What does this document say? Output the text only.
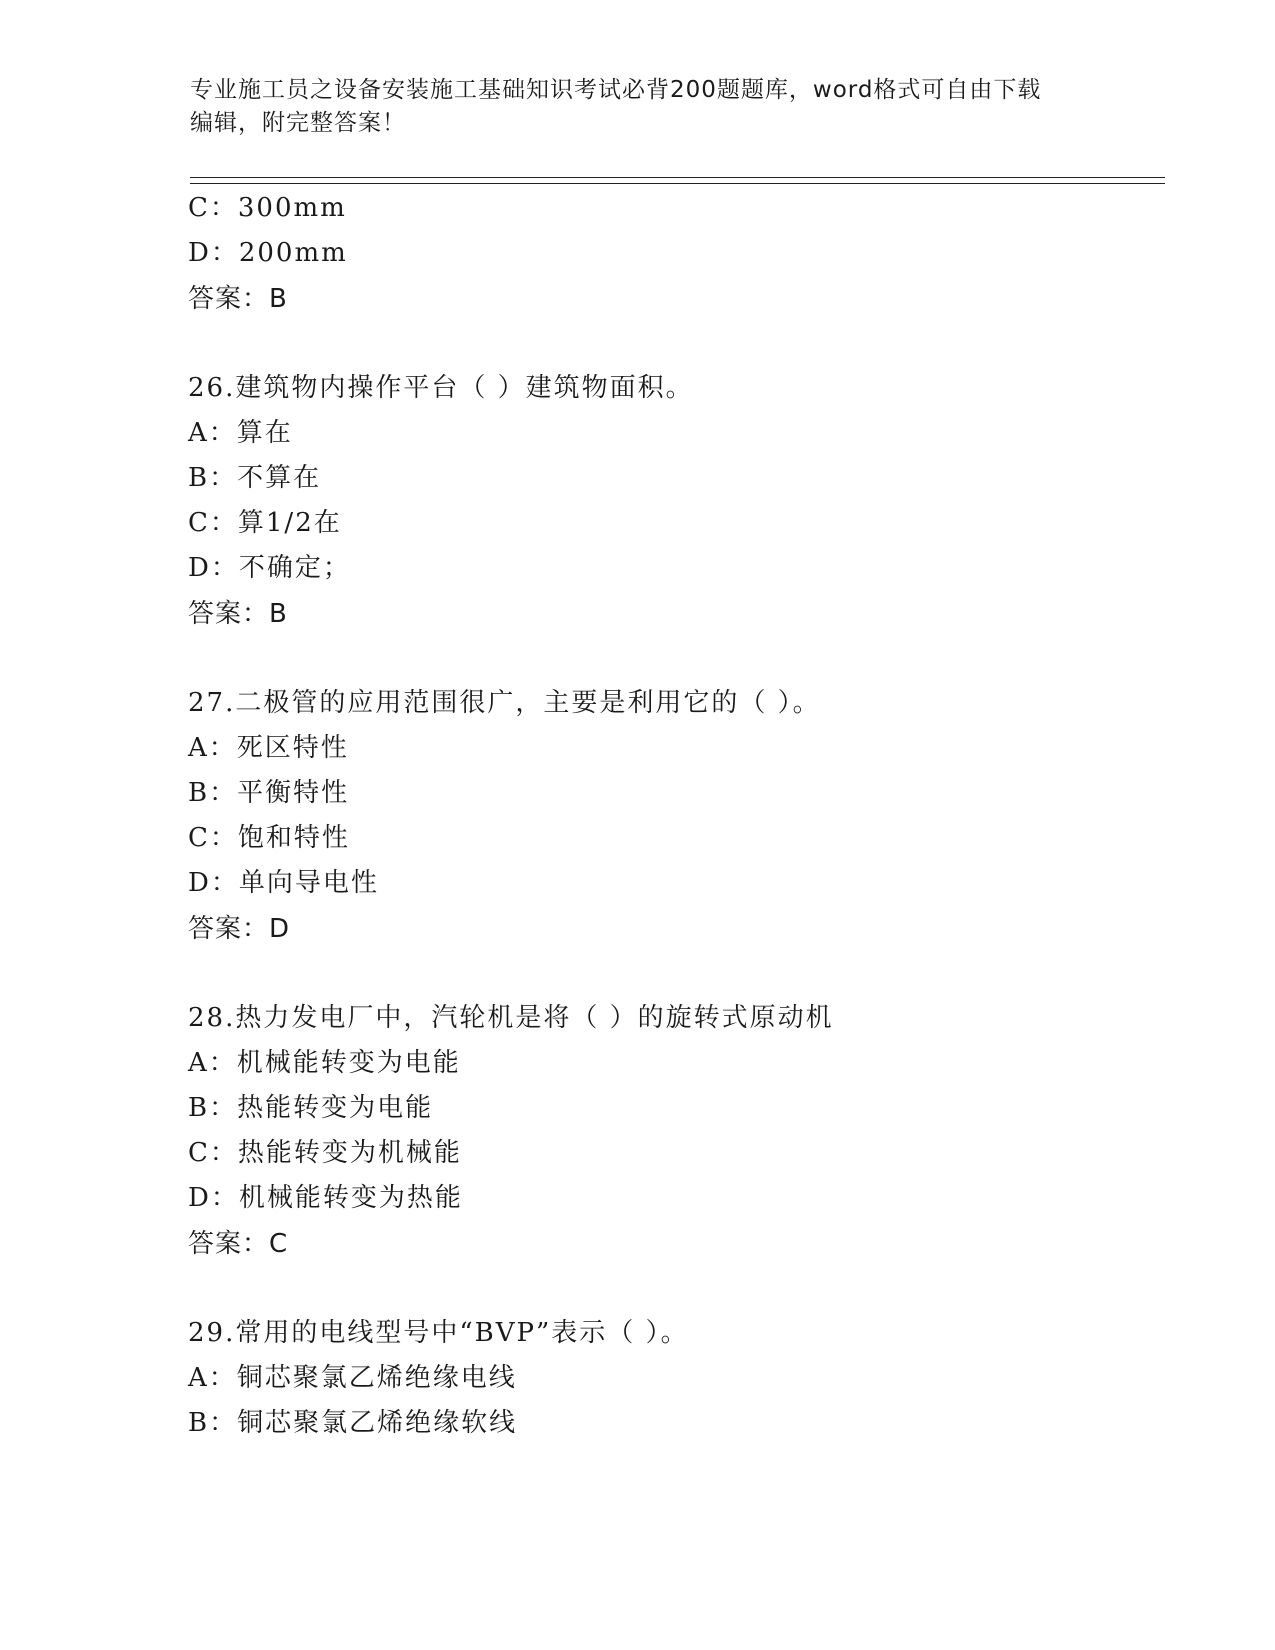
专业施工员之设备安装施工基础知识考试必背200题题库，word格式可自由下载
编辑，附完整答案！
C：300mm
D：200mm
答案：B
26.建筑物内操作平台（ ）建筑物面积。
A：算在
B：不算在
C：算1/2在
D：不确定；
答案：B
27.二极管的应用范围很广，主要是利用它的（ ）。
A：死区特性
B：平衡特性
C：饱和特性
D：单向导电性
答案：D
28.热力发电厂中，汽轮机是将（ ）的旋转式原动机
A：机械能转变为电能
B：热能转变为电能
C：热能转变为机械能
D：机械能转变为热能
答案：C
29.常用的电线型号中“BVP”表示（ ）。
A：铜芯聚氯乙烯绝缘电线
B：铜芯聚氯乙烯绝缘软线
